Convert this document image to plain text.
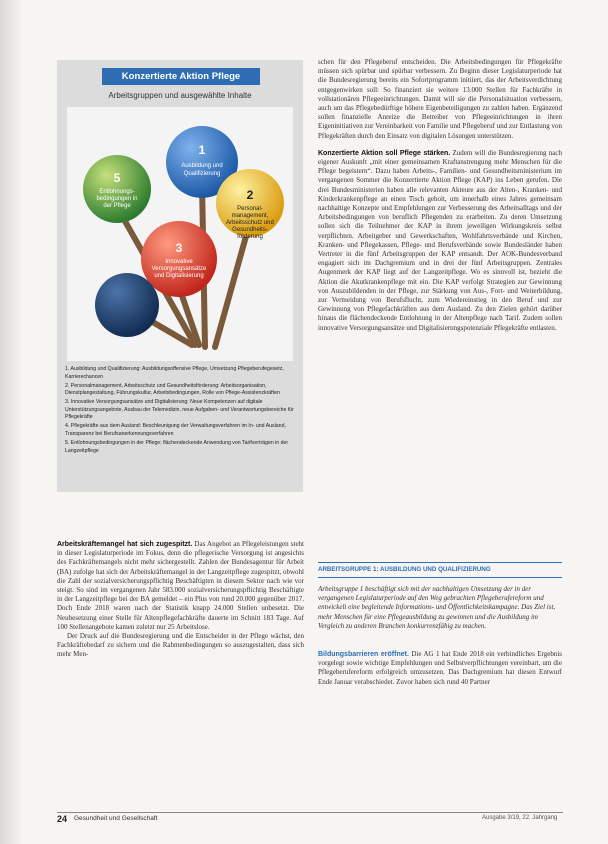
Konzertierte Aktion Pflege
Arbeitsgruppen und ausgewählte Inhalte
1
Ausbildung und
Qualifizierung
2
Personal-
management,
Arbeitsschutz und
Gesundheits-
förderung
5
Entlohnungs-
bedingungen in
der Pflege
3
Innovative
Versorgungsansätze
und Digitalisierung
1. Ausbildung und Qualifizierung: Ausbildungsoffensive Pflege, Umsetzung Pflegeberufegesetz, Karrierechancen
2. Personalmanagement, Arbeitsschutz und Gesundheitsförderung: Arbeitsorganisation, Dienstplangestaltung, Führungskultur, Arbeitsbedingungen, Rolle von Pflege-Assistenzkräften
3. Innovative Versorgungsansätze und Digitalisierung: Neue Kompetenzen auf digitale Unterstützungsangebote, Ausbau der Telemedizin, neue Aufgaben- und Verantwortungsbereiche für Pflegekräfte
4. Pflegekräfte aus dem Ausland: Beschleunigung der Verwaltungsverfahren im In- und Ausland, Transparenz bei Berufsanerkennungsverfahren
5. Entlohnungsbedingungen in der Pflege: flächendeckende Anwendung von Tarifverträgen in der Langzeitpflege

Arbeitskräftemangel hat sich zugespitzt. Das Angebot an Pflegeleistungen steht in dieser Legislaturperiode im Fokus, denn die pflegerische Versorgung ist angesichts des Fachkräftemangels nicht mehr sichergestellt. Zahlen der Bundesagentur für Arbeit (BA) zufolge hat sich der Arbeitskräftemangel in der Langzeitpflege zugespitzt, obwohl die Zahl der sozialversicherungspflichtig Beschäftigten in diesem Sektor nach wie vor steigt. So sind im vergangenen Jahr 583.000 sozialversicherungspflichtig Beschäftigte in der Langzeitpflege bei der BA gemeldet – ein Plus von rund 20.000 gegenüber 2017. Doch Ende 2018 waren nach der Statistik knapp 24.000 Stellen unbesetzt. Die Neubesetzung einer Stelle für Altenpflegefachkräfte dauerte im Schnitt 183 Tage. Auf 100 Stellenangebote kamen zuletzt nur 25 Arbeitslose.

Der Druck auf die Bundesregierung und die Entscheider in der Pflege wächst, den Fachkräftebedarf zu sichern und die Rahmenbedingungen so auszugestalten, dass sich mehr Men-

schen für den Pflegeberuf entscheiden. Die Arbeitsbedingungen für Pflegekräfte müssen sich spürbar und spürbar verbessern. Zu Beginn dieser Legislaturperiode hat die Bundesregierung bereits ein Sofortprogramm initiiert, das der Arbeitsverdichtung entgegenwirken soll: So finanziert sie weitere 13.000 Stellen für Fachkräfte in vollstationären Pflegeeinrichtungen. Damit will sie die Personalsituation verbessern, auch um das Pflegebedürftige höhere Eigenbeteiligungen zu zahlen haben. Ergänzend sollen finanzielle Anreize die Betreiber von Pflegeeinrichtungen in ihren Eigeninitiativen zur Vereinbarkeit von Familie und Pflegeberuf und zur Entlastung von Pflegekräften durch den Einsatz von digitalen Lösungen unterstützen.

Konzertierte Aktion soll Pflege stärken. Zudem will die Bundesregierung nach eigener Auskunft „mit einer gemeinsamen Kraftanstrengung mehr Menschen für die Pflege begeistern“. Dazu haben Arbeits-, Familien- und Gesundheitsministerium im vergangenen Sommer die Konzertierte Aktion Pflege (KAP) ins Leben gerufen. Die drei Bundesministerien haben alle relevanten Akteure aus der Alten-, Kranken- und Kinderkrankenpflege an einen Tisch geholt, um innerhalb eines Jahres gemeinsam nachhaltige Konzepte und Empfehlungen zur Verbesserung des Arbeitsalltags und der Arbeitsbedingungen von beruflich Pflegenden zu erarbeiten. Zu deren Umsetzung sollen sich die Teilnehmer der KAP in ihrem jeweiligen Wirkungskreis selbst verpflichten. Arbeitgeber und Gewerkschaften, Wohlfahrtsverbände und Kirchen, Kranken- und Pflegekassen, Pflege- und Berufsverbände sowie Bundesländer haben Vertreter in die fünf Arbeitsgruppen der KAP entsandt. Der AOK-Bundesverband engagiert sich im Dachgremium und in drei der fünf Arbeitsgruppen. Zentrales Augenmerk der KAP liegt auf der Langzeitpflege. Wo es sinnvoll ist, bezieht die Aktion die Akutkrankenpflege mit ein. Die KAP verfolgt Strategien zur Gewinnung von Auszubildenden in der Pflege, zur Stärkung von Aus-, Fort- und Weiterbildung, zur Vermeidung von Berufsflucht, zum Wiedereinstieg in den Beruf und zur Gewinnung von Pflegefachkräften aus dem Ausland. Zu den Zielen gehört darüber hinaus die flächendeckende Entlohnung in der Altenpflege nach Tarif. Zudem sollen innovative Versorgungsansätze und Digitalisierungspotenziale Pflegekräfte entlasten.

ARBEITSGRUPPE 1: AUSBILDUNG UND QUALIFIZIERUNG
Arbeitsgruppe 1 beschäftigt sich mit der nachhaltigen Umsetzung der in der vergangenen Legislaturperiode auf den Weg gebrachten Pflegeberufereform und entwickelt eine begleitende Informations- und Öffentlichkeitskampagne. Das Ziel ist, mehr Menschen für eine Pflegeausbildung zu gewinnen und die Ausbildung im Vergleich zu anderen Branchen konkurrenzfähig zu machen.

Bildungsbarrieren eröffnet. Die AG 1 hat Ende 2018 ein verbindliches Ergebnis vorgelegt sowie wichtige Empfehlungen und Selbstverpflichtungen vereinbart, um die Pflegeberufereform erfolgreich umzusetzen. Das Dachgremium hat diesen Entwurf Ende Januar verabschiedet. Zuvor haben sich rund 40 Partner

24 Gesundheit und Gesellschaft	Ausgabe 3/19, 22. Jahrgang
